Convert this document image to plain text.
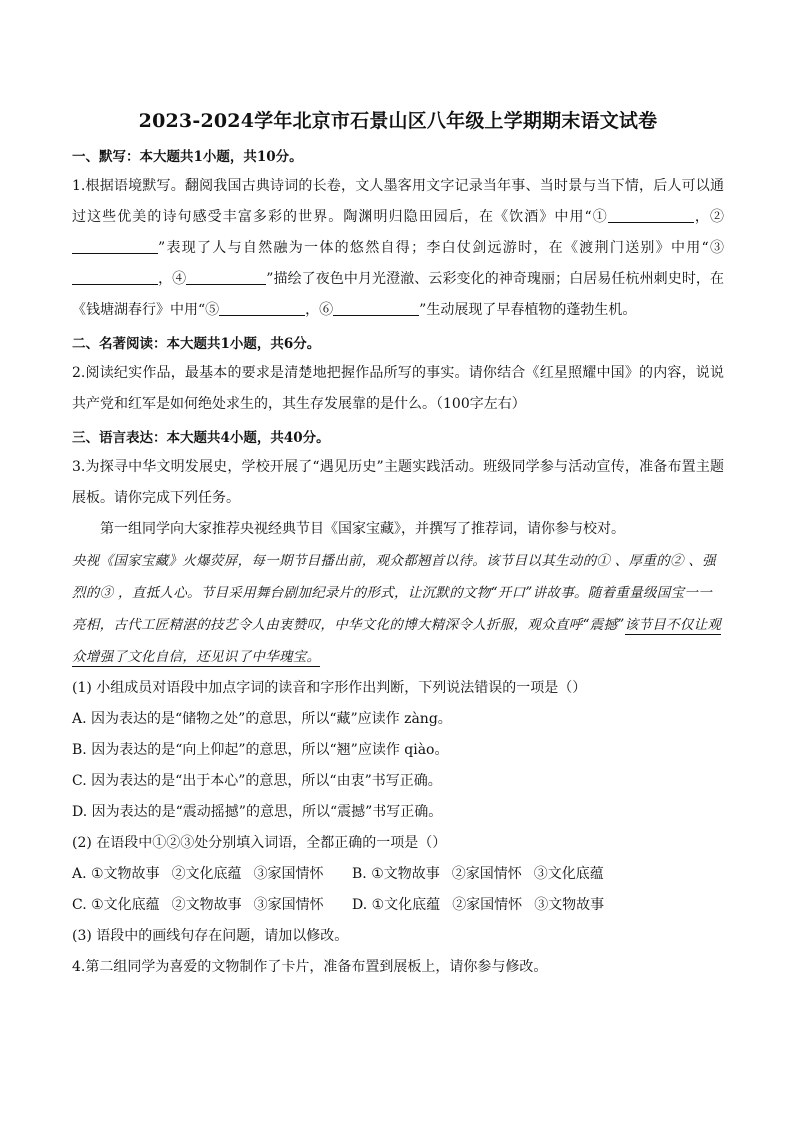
2023-2024学年北京市石景山区八年级上学期期末语文试卷
一、默写：本大题共1小题，共10分。

1.根据语境默写。翻阅我国古典诗词的长卷，文人墨客用文字记录当年事、当时景与当下情，后人可以通过这些优美的诗句感受丰富多彩的世界。陶渊明归隐田园后，在《饮酒》中用“①	，②”表现了人与自然融为一体的悠然自得；李白仗剑远游时，在《渡荆门送别》中用“③，④	”描绘了夜色中月光澄澈、云彩变化的神奇瑰丽；白居易任杭州刺史时，在《钱塘湖春行》中用“⑤	，⑥	”生动展现了早春植物的蓬勃生机。

二、名著阅读：本大题共1小题，共6分。

2.阅读纪实作品，最基本的要求是清楚地把握作品所写的事实。请你结合《红星照耀中国》的内容，说说共产党和红军是如何绝处求生的，其生存发展靠的是什么。（100字左右）

三、语言表达：本大题共4小题，共40分。

3.为探寻中华文明发展史，学校开展了“遇见历史”主题实践活动。班级同学参与活动宣传，准备布置主题展板。请你完成下列任务。

第一组同学向大家推荐央视经典节目《国家宝藏》，并撰写了推荐词，请你参与校对。

央视《国家宝藏》火爆荧屏，每一期节目播出前，观众都翘首以待。该节目以其生动的① 、厚重的② 、强烈的③ ，直抵人心。节目采用舞台剧加纪录片的形式，让沉默的文物“开口”讲故事。随着重量级国宝一一亮相，古代工匠精湛的技艺令人由衷赞叹，中华文化的博大精深令人折服，观众直呼“震撼”该节目不仅让观众增强了文化自信，还见识了中华瑰宝。

(1) 小组成员对语段中加点字词的读音和字形作出判断，下列说法错误的一项是（）

A. 因为表达的是“储物之处”的意思，所以“藏”应读作 zàng。

B. 因为表达的是“向上仰起”的意思，所以“翘”应读作 qiào。

C. 因为表达的是“出于本心”的意思，所以“由衷”书写正确。

D. 因为表达的是“震动摇撼”的意思，所以“震撼”书写正确。

(2) 在语段中①②③处分别填入词语，全都正确的一项是（）

A. ①文物故事 ②文化底蕴 ③家国情怀	B. ①文物故事 ②家国情怀 ③文化底蕴
C. ①文化底蕴 ②文物故事 ③家国情怀	D. ①文化底蕴 ②家国情怀 ③文物故事

(3) 语段中的画线句存在问题，请加以修改。

4.第二组同学为喜爱的文物制作了卡片，准备布置到展板上，请你参与修改。
